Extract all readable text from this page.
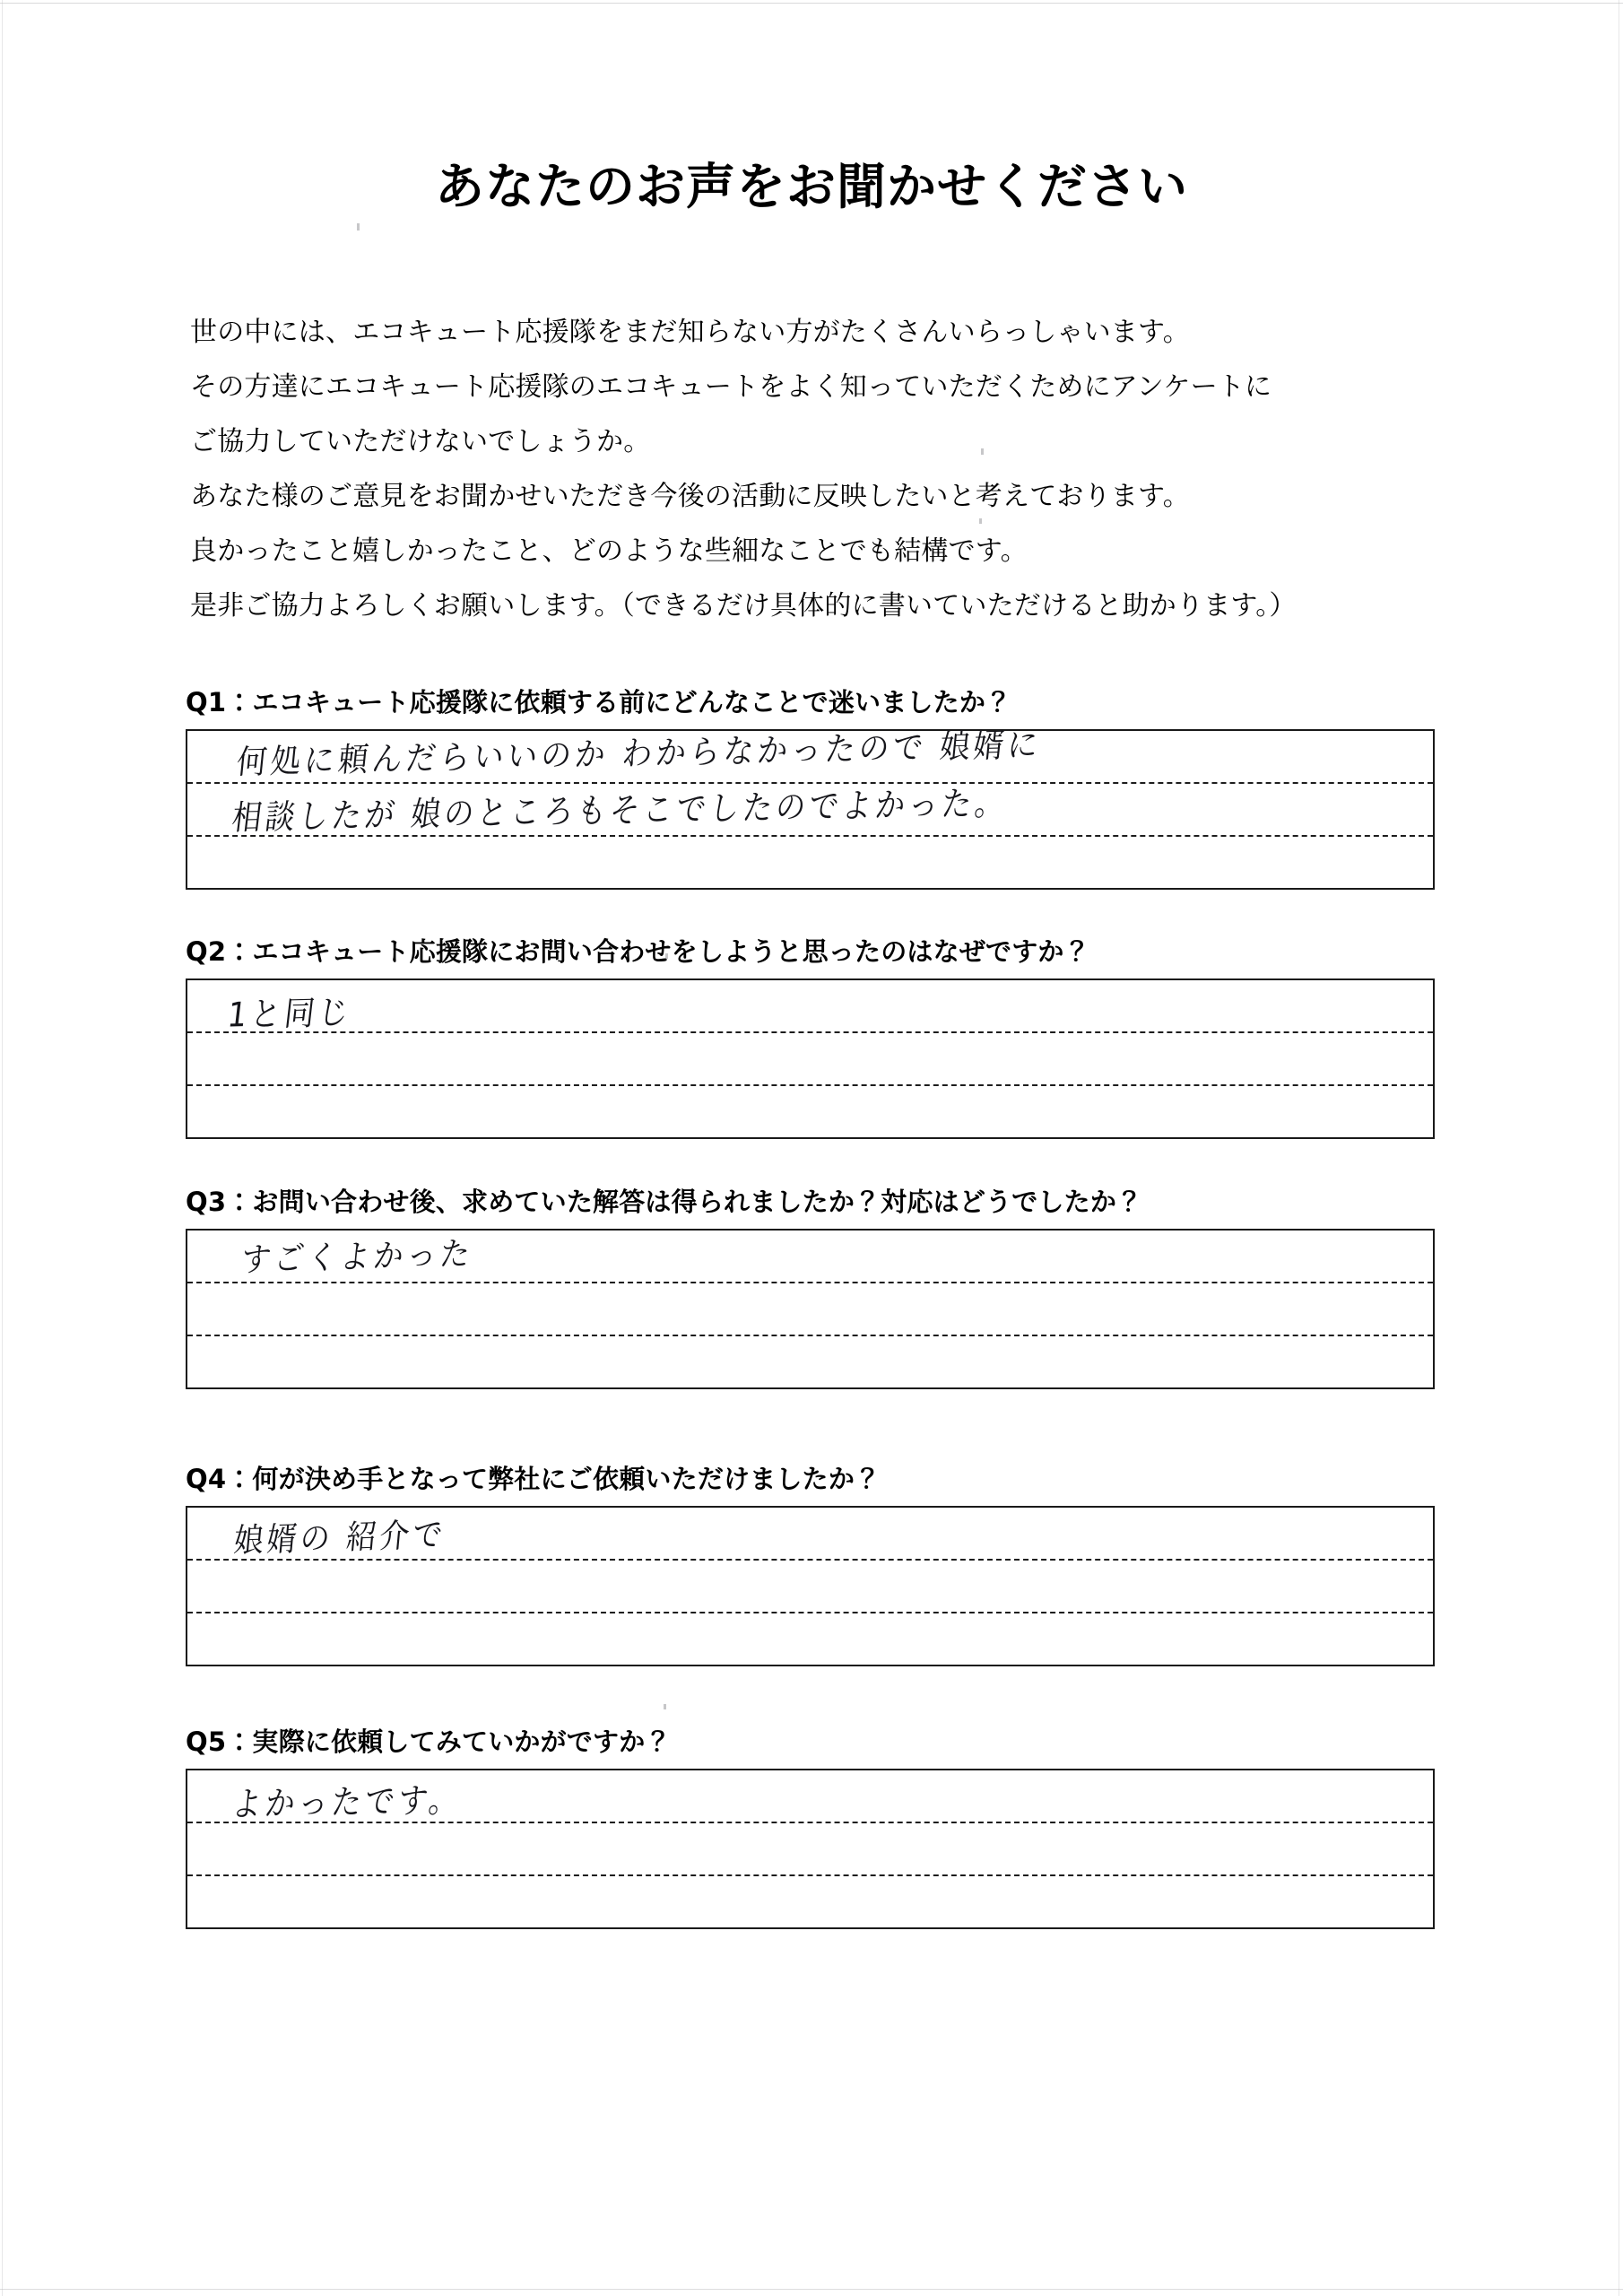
あなたのお声をお聞かせください
世の中には、エコキュート応援隊をまだ知らない方がたくさんいらっしゃいます。
その方達にエコキュート応援隊のエコキュートをよく知っていただくためにアンケートに
ご協力していただけないでしょうか。
あなた様のご意見をお聞かせいただき今後の活動に反映したいと考えております。
良かったこと嬉しかったこと、どのような些細なことでも結構です。
是非ご協力よろしくお願いします。（できるだけ具体的に書いていただけると助かります。）
Q1：エコキュート応援隊に依頼する前にどんなことで迷いましたか？
何処に頼んだらいいのか わからなかったので 娘婿に
相談したが 娘のところもそこでしたのでよかった。
Q2：エコキュート応援隊にお問い合わせをしようと思ったのはなぜですか？
1と同じ
Q3：お問い合わせ後、求めていた解答は得られましたか？対応はどうでしたか？
すごくよかった
Q4：何が決め手となって弊社にご依頼いただけましたか？
娘婿の 紹介で
Q5：実際に依頼してみていかがですか？
よかったです。
